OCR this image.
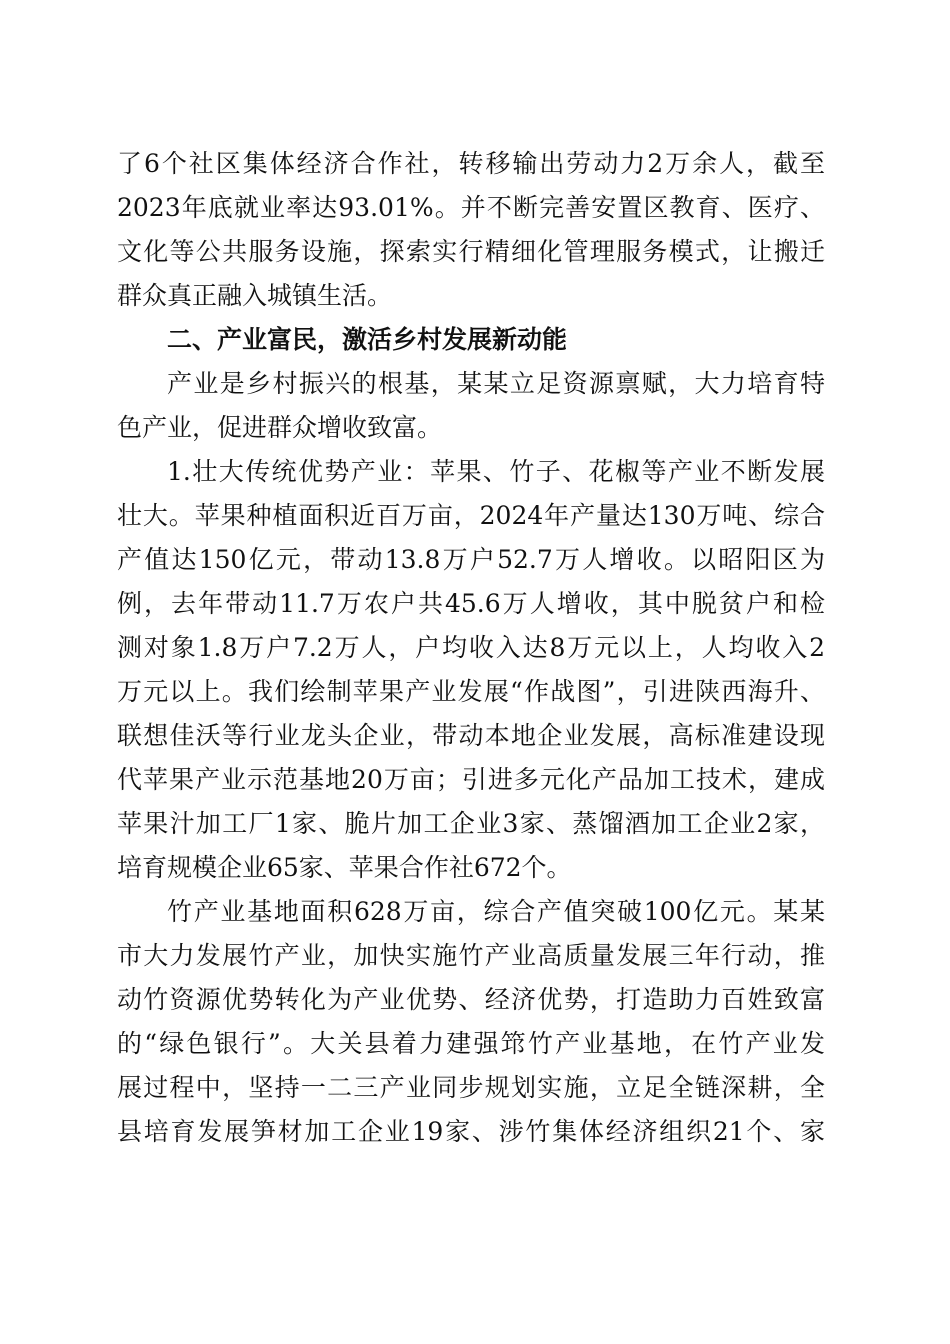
了6个社区集体经济合作社，转移输出劳动力2万余人，截至
2023年底就业率达93.01%。并不断完善安置区教育、医疗、
文化等公共服务设施，探索实行精细化管理服务模式，让搬迁
群众真正融入城镇生活。
二、产业富民，激活乡村发展新动能
产业是乡村振兴的根基，某某立足资源禀赋，大力培育特
色产业，促进群众增收致富。
1.壮大传统优势产业：苹果、竹子、花椒等产业不断发展
壮大。苹果种植面积近百万亩，2024年产量达130万吨、综合
产值达150亿元，带动13.8万户52.7万人增收。以昭阳区为
例，去年带动11.7万农户共45.6万人增收，其中脱贫户和检
测对象1.8万户7.2万人，户均收入达8万元以上，人均收入2
万元以上。我们绘制苹果产业发展“作战图”，引进陕西海升、
联想佳沃等行业龙头企业，带动本地企业发展，高标准建设现
代苹果产业示范基地20万亩；引进多元化产品加工技术，建成
苹果汁加工厂1家、脆片加工企业3家、蒸馏酒加工企业2家，
培育规模企业65家、苹果合作社672个。
竹产业基地面积628万亩，综合产值突破100亿元。某某
市大力发展竹产业，加快实施竹产业高质量发展三年行动，推
动竹资源优势转化为产业优势、经济优势，打造助力百姓致富
的“绿色银行”。大关县着力建强筇竹产业基地，在竹产业发
展过程中，坚持一二三产业同步规划实施，立足全链深耕，全
县培育发展笋材加工企业19家、涉竹集体经济组织21个、家
